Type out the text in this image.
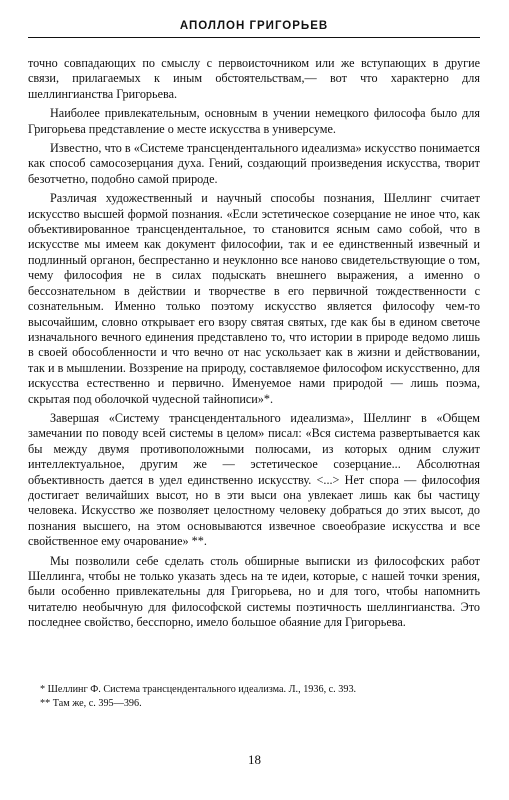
АПОЛЛОН ГРИГОРЬЕВ

точно совпадающих по смыслу с первоисточником или же вступающих в другие связи, прилагаемых к иным обстоятельствам,— вот что характерно для шеллингианства Григорьева.

Наиболее привлекательным, основным в учении немецкого философа было для Григорьева представление о месте искусства в универсуме.

Известно, что в «Системе трансцендентального идеализма» искусство понимается как способ самосозерцания духа. Гений, создающий произведения искусства, творит безотчетно, подобно самой природе.

Различая художественный и научный способы познания, Шеллинг считает искусство высшей формой познания. «Если эстетическое созерцание не иное что, как объективированное трансцендентальное, то становится ясным само собой, что в искусстве мы имеем как документ философии, так и ее единственный извечный и подлинный органон, беспрестанно и неуклонно все наново свидетельствующие о том, чему философия не в силах подыскать внешнего выражения, а именно о бессознательном в действии и творчестве в его первичной тождественности с сознательным. Именно только поэтому искусство является философу чем-то высочайшим, словно открывает его взору святая святых, где как бы в едином светоче изначального вечного единения представлено то, что истории в природе ведомо лишь в своей обособленности и что вечно от нас ускользает как в жизни и действовании, так и в мышлении. Воззрение на природу, составляемое философом искусственно, для искусства естественно и первично. Именуемое нами природой — лишь поэма, скрытая под оболочкой чудесной тайнописи»*.

Завершая «Систему трансцендентального идеализма», Шеллинг в «Общем замечании по поводу всей системы в целом» писал: «Вся система развертывается как бы между двумя противоположными полюсами, из которых одним служит интеллектуальное, другим же — эстетическое созерцание... Абсолютная объективность дается в удел единственно искусству. <...> Нет спора — философия достигает величайших высот, но в эти выси она увлекает лишь как бы частицу человека. Искусство же позволяет целостному человеку добраться до этих высот, до познания высшего, на этом основываются извечное своеобразие искусства и все свойственное ему очарование» **.

Мы позволили себе сделать столь обширные выписки из философских работ Шеллинга, чтобы не только указать здесь на те идеи, которые, с нашей точки зрения, были особенно привлекательны для Григорьева, но и для того, чтобы напомнить читателю необычную для философской системы поэтичность шеллингианства. Это последнее свойство, бесспорно, имело большое обаяние для Григорьева.

* Шеллинг Ф. Система трансцендентального идеализма. Л., 1936, с. 393.

** Там же, с. 395—396.

18
